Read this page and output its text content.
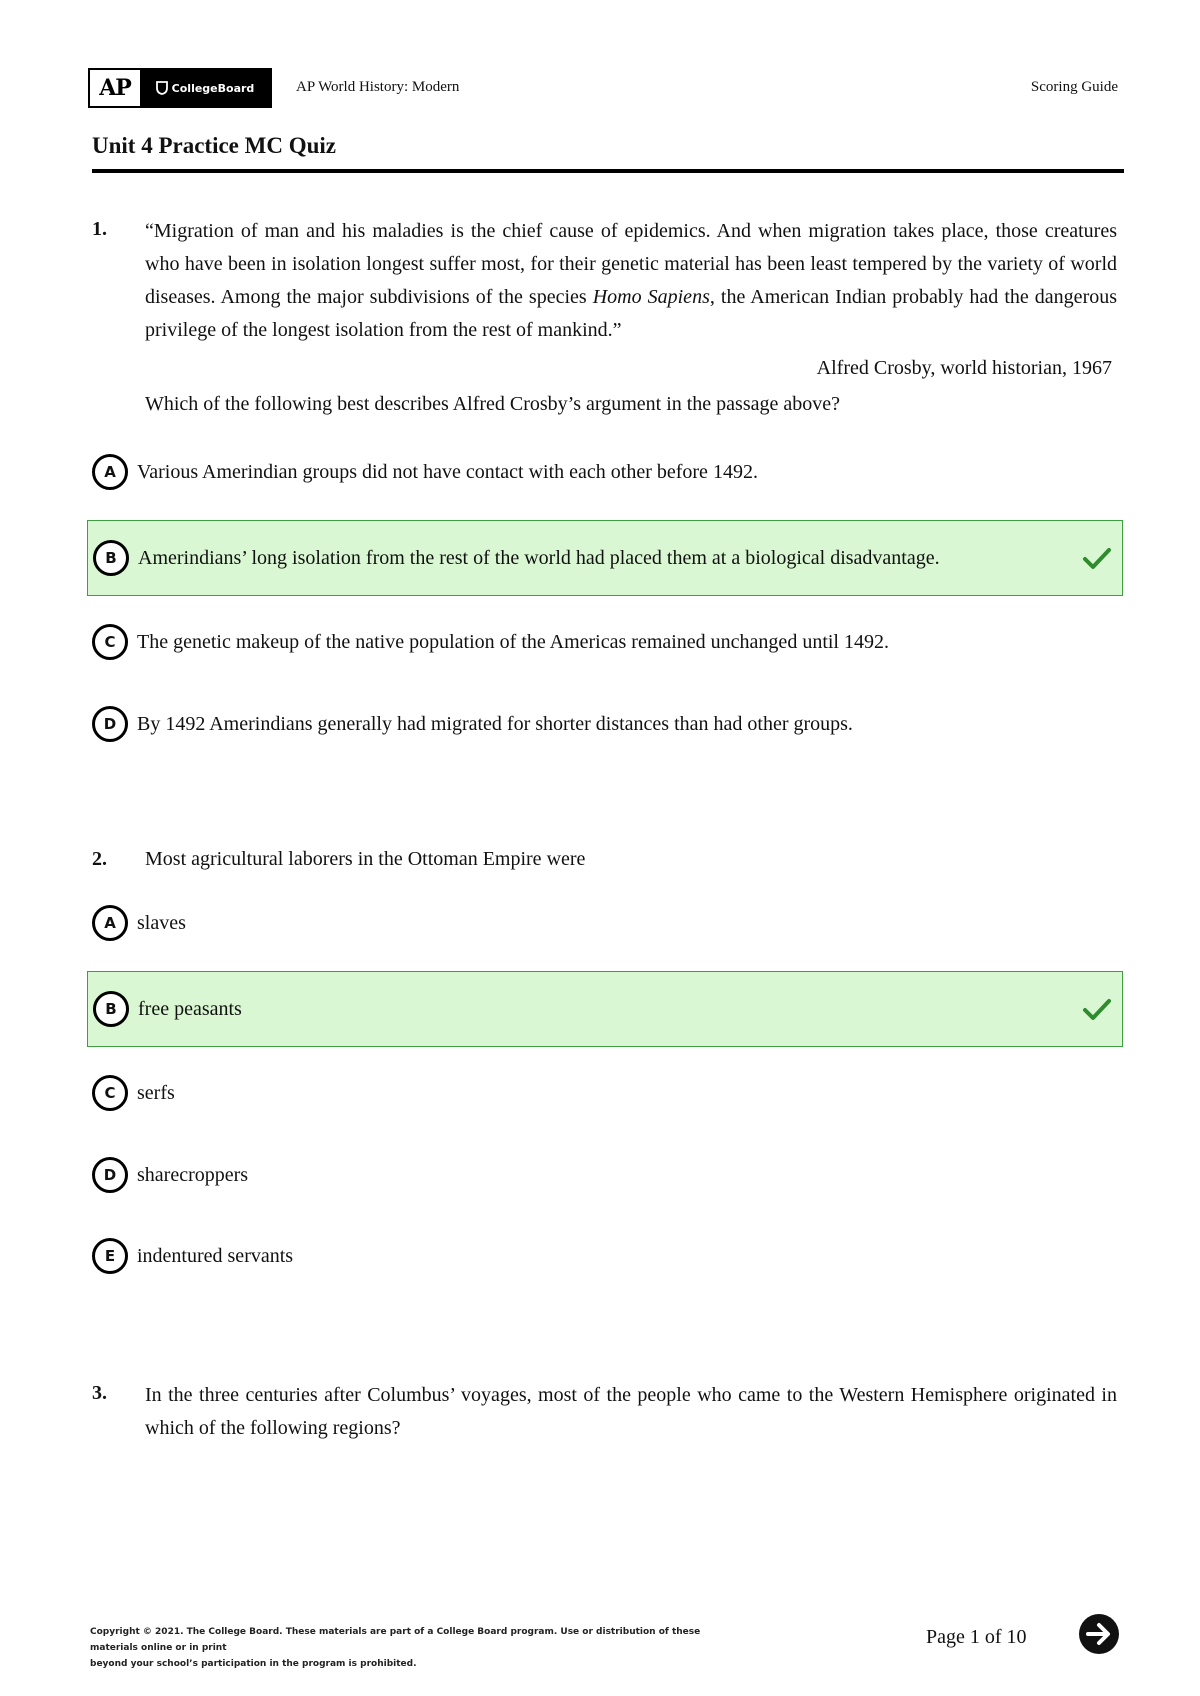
AP	CollegeBoard	AP World History: Modern	Scoring Guide
Unit 4 Practice MC Quiz
1. “Migration of man and his maladies is the chief cause of epidemics. And when migration takes place, those creatures who have been in isolation longest suffer most, for their genetic material has been least tempered by the variety of world diseases. Among the major subdivisions of the species Homo Sapiens, the American Indian probably had the dangerous privilege of the longest isolation from the rest of mankind.”
Alfred Crosby, world historian, 1967
Which of the following best describes Alfred Crosby’s argument in the passage above?
A	Various Amerindian groups did not have contact with each other before 1492.
B	Amerindians’ long isolation from the rest of the world had placed them at a biological disadvantage.
C	The genetic makeup of the native population of the Americas remained unchanged until 1492.
D	By 1492 Amerindians generally had migrated for shorter distances than had other groups.
2. Most agricultural laborers in the Ottoman Empire were
A	slaves
B	free peasants
C	serfs
D	sharecroppers
E	indentured servants
3. In the three centuries after Columbus’ voyages, most of the people who came to the Western Hemisphere originated in which of the following regions?
Copyright © 2021. The College Board. These materials are part of a College Board program. Use or distribution of these materials online or in print
beyond your school’s participation in the program is prohibited.
Page 1 of 10
